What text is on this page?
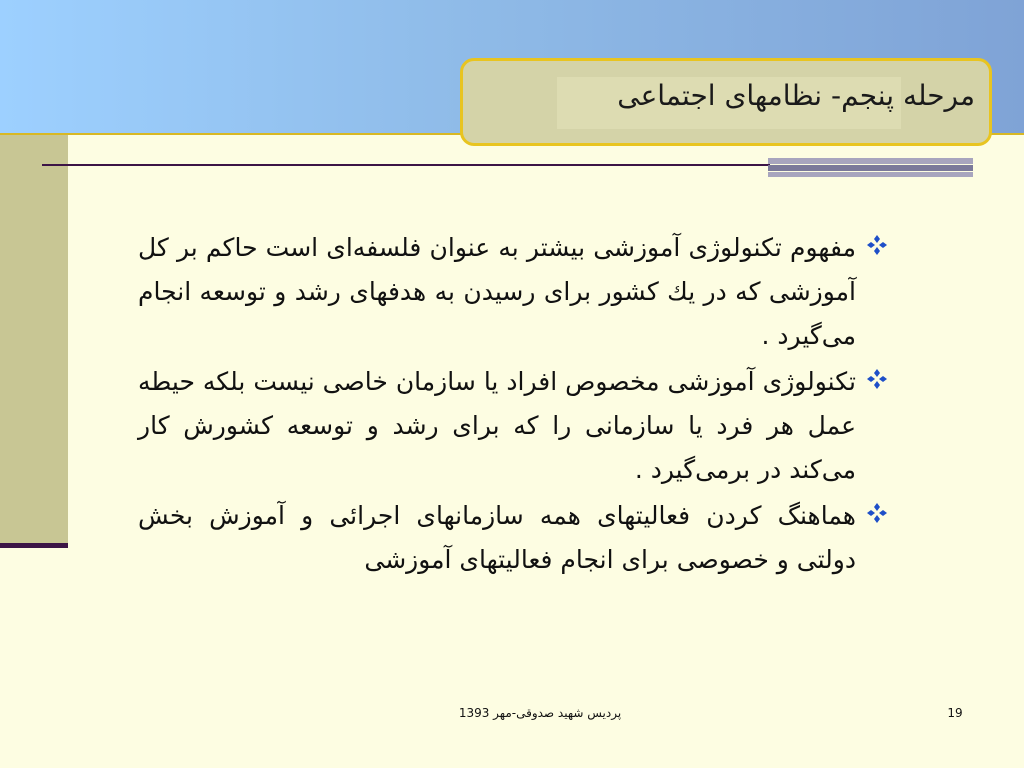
مرحله پنجم- نظامهای اجتماعی
مفهوم تكنولوژی آموزشی بیشتر به عنوان فلسفه‌ای است حاكم بر كل آموزشی كه در يك كشور برای رسيدن به هدفهای رشد و توسعه انجام می‌گيرد .
تكنولوژی آموزشی مخصوص افراد يا سازمان خاصی نيست بلكه حيطه عمل هر فرد يا سازمانی را كه برای رشد و توسعه كشورش كار می‌كند در برمی‌گيرد .
هماهنگ كردن فعاليتهای همه سازمانهای اجرائی و آموزش بخش دولتی و خصوصی برای انجام فعاليتهای آموزشی
پردیس شهید صدوقی-مهر 1393	19
